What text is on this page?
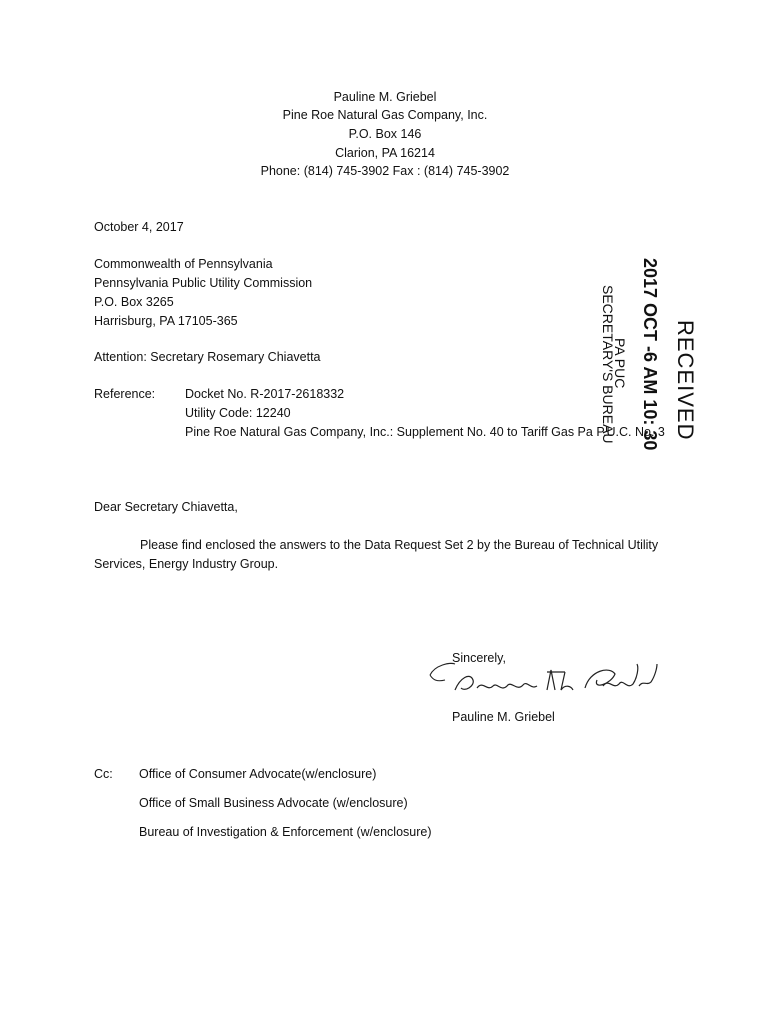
Pauline M. Griebel
Pine Roe Natural Gas Company, Inc.
P.O. Box 146
Clarion, PA 16214
Phone: (814) 745-3902 Fax : (814) 745-3902
October 4, 2017
Commonwealth of Pennsylvania
Pennsylvania Public Utility Commission
P.O. Box 3265
Harrisburg, PA 17105-365
Attention: Secretary Rosemary Chiavetta
Reference: Docket No. R-2017-2618332
Utility Code: 12240
Pine Roe Natural Gas Company, Inc.: Supplement No. 40 to Tariff Gas Pa P.U.C. No. 3
Dear Secretary Chiavetta,
Please find enclosed the answers to the Data Request Set 2 by the Bureau of Technical Utility
Services, Energy Industry Group.
Sincerely,
Pauline M. Griebel
Cc: Office of Consumer Advocate(w/enclosure)
Office of Small Business Advocate (w/enclosure)
Bureau of Investigation & Enforcement (w/enclosure)
RECEIVED
2017 OCT -6 AM 10: 30
PA PUC
SECRETARY'S BUREAU
